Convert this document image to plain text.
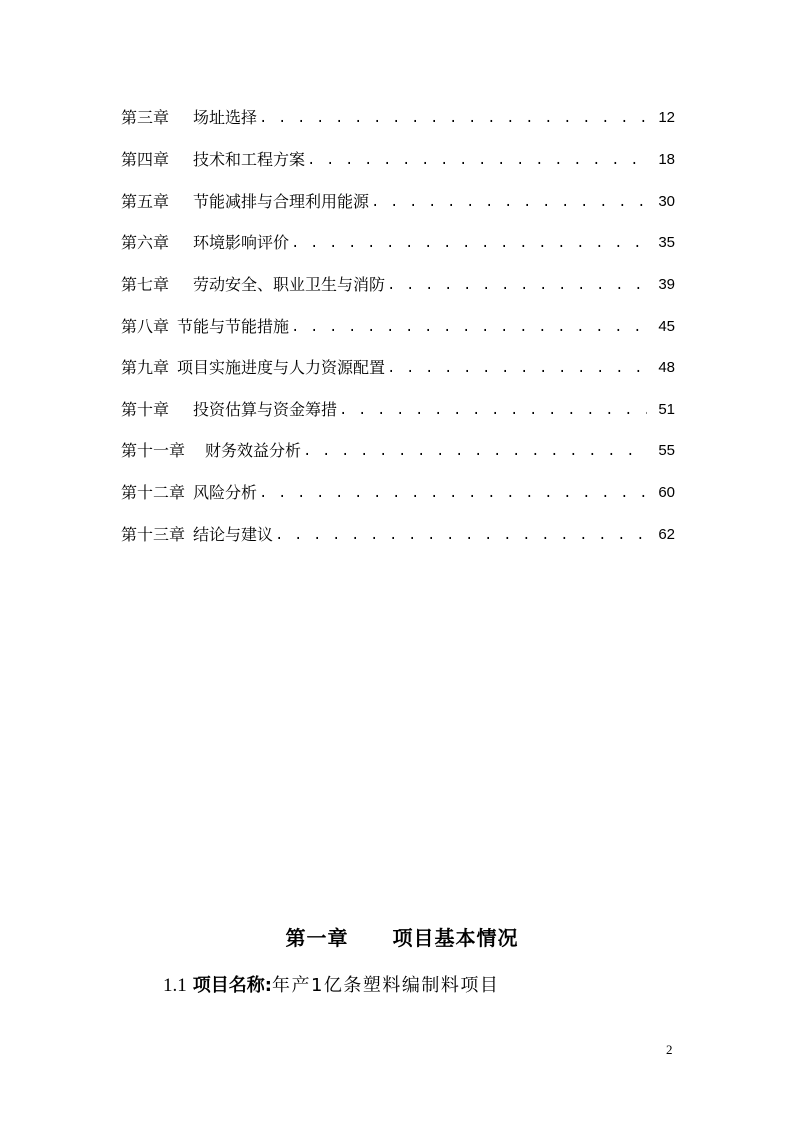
第三章 场址选择 . . .	12
第四章 技术和工程方案 . . .	18
第五章 节能减排与合理利用能源 . . .	30
第六章 环境影响评价 . . .	35
第七章 劳动安全、职业卫生与消防 . . .	39
第八章 节能与节能措施 . . .	45
第九章 项目实施进度与人力资源配置 . . .	48
第十章 投资估算与资金筹措 . . .	51
第十一章 财务效益分析 . . .	55
第十二章 风险分析 . . .	60
第十三章 结论与建议 . . .	62
第一章 项目基本情况
1.1 项目名称:年产1亿条塑料编制料项目
2
